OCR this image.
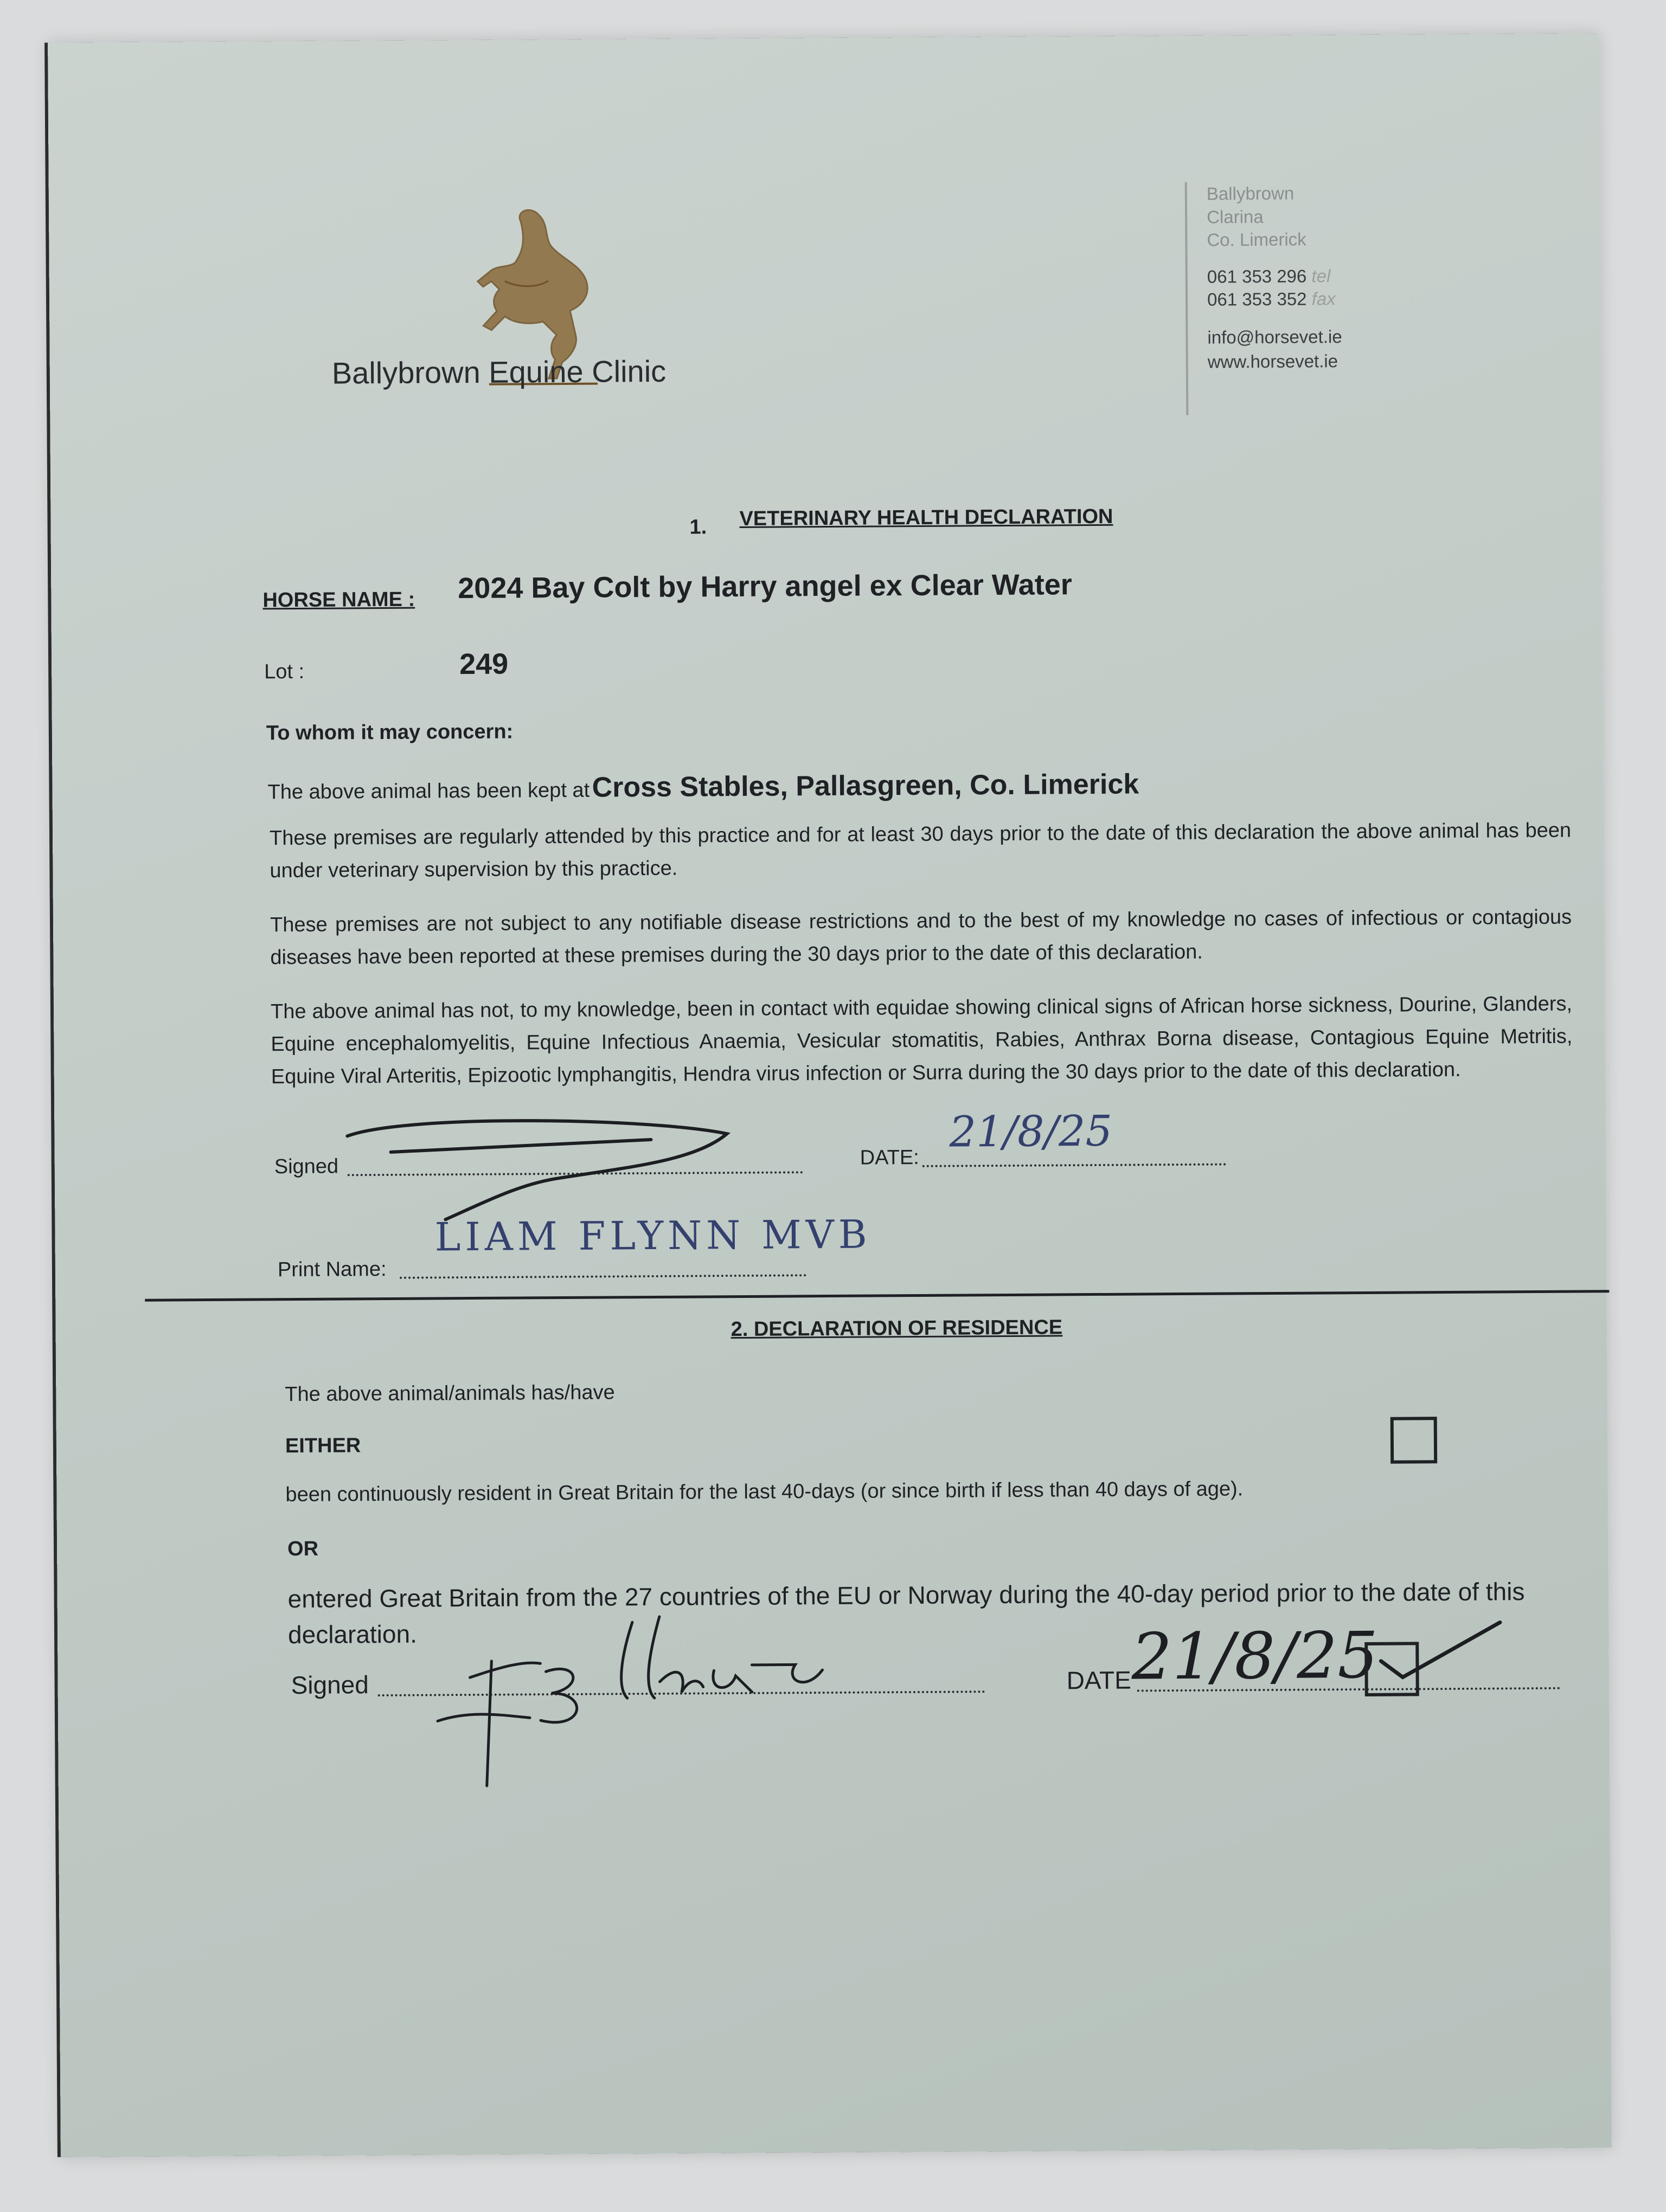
Ballybrown Equine Clinic
Ballybrown
Clarina
Co. Limerick
061 353 296 tel
061 353 352 fax
info@horsevet.ie
www.horsevet.ie
1. VETERINARY HEALTH DECLARATION
HORSE NAME : 2024 Bay Colt by Harry angel ex Clear Water
Lot :	249
To whom it may concern:
The above animal has been kept at Cross Stables, Pallasgreen, Co. Limerick
These premises are regularly attended by this practice and for at least 30 days prior to the date of this declaration the above animal has been under veterinary supervision by this practice.
These premises are not subject to any notifiable disease restrictions and to the best of my knowledge no cases of infectious or contagious diseases have been reported at these premises during the 30 days prior to the date of this declaration.
The above animal has not, to my knowledge, been in contact with equidae showing clinical signs of African horse sickness, Dourine, Glanders, Equine encephalomyelitis, Equine Infectious Anaemia, Vesicular stomatitis, Rabies, Anthrax Borna disease, Contagious Equine Metritis, Equine Viral Arteritis, Epizootic lymphangitis, Hendra virus infection or Surra during the 30 days prior to the date of this declaration.
Signed	DATE:
21/8/25
Print Name:
LIAM FLYNN MVB
2. DECLARATION OF RESIDENCE
The above animal/animals has/have
EITHER
been continuously resident in Great Britain for the last 40-days (or since birth if less than 40 days of age).
OR
entered Great Britain from the 27 countries of the EU or Norway during the 40-day period prior to the date of this declaration.
Signed	DATE 21/8/25
